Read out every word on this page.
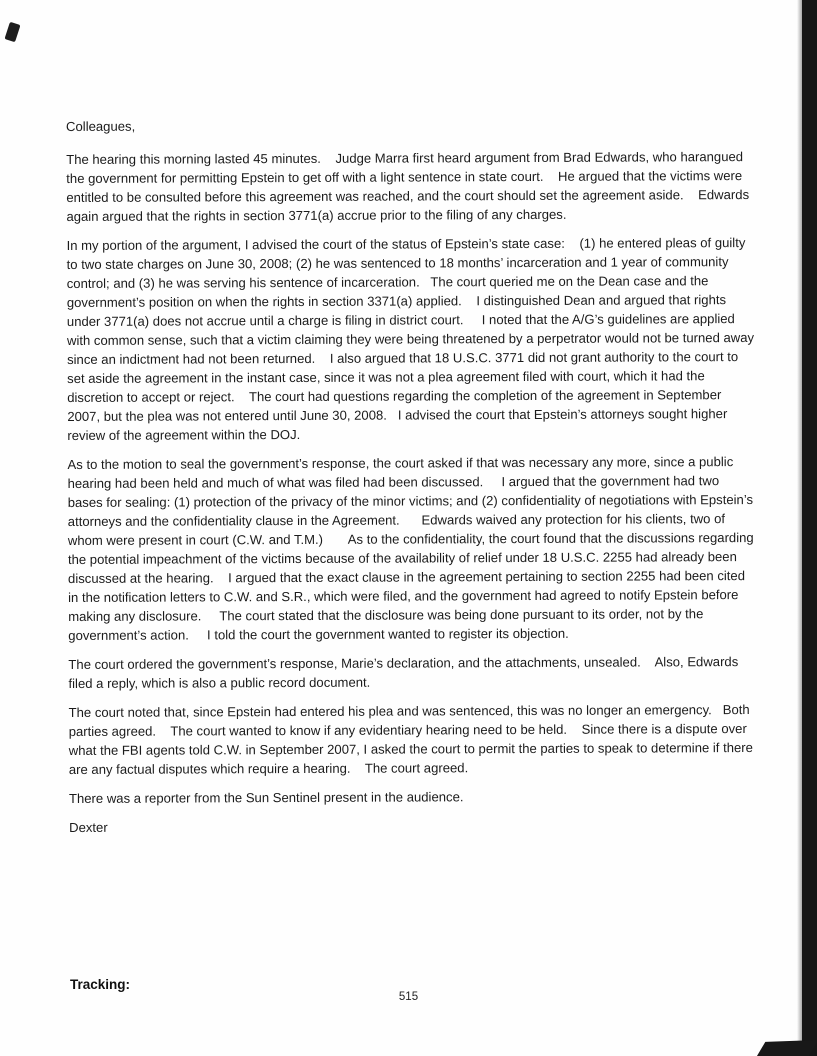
Colleagues,

The hearing this morning lasted 45 minutes.    Judge Marra first heard argument from Brad Edwards, who harangued the government for permitting Epstein to get off with a light sentence in state court.    He argued that the victims were entitled to be consulted before this agreement was reached, and the court should set the agreement aside.    Edwards again argued that the rights in section 3771(a) accrue prior to the filing of any charges.

In my portion of the argument, I advised the court of the status of Epstein’s state case:    (1) he entered pleas of guilty to two state charges on June 30, 2008; (2) he was sentenced to 18 months’ incarceration and 1 year of community control; and (3) he was serving his sentence of incarceration.   The court queried me on the Dean case and the government’s position on when the rights in section 3371(a) applied.    I distinguished Dean and argued that rights under 3771(a) does not accrue until a charge is filing in district court.     I noted that the A/G’s guidelines are applied with common sense, such that a victim claiming they were being threatened by a perpetrator would not be turned away since an indictment had not been returned.    I also argued that 18 U.S.C. 3771 did not grant authority to the court to set aside the agreement in the instant case, since it was not a plea agreement filed with court, which it had the discretion to accept or reject.    The court had questions regarding the completion of the agreement in September 2007, but the plea was not entered until June 30, 2008.   I advised the court that Epstein’s attorneys sought higher review of the agreement within the DOJ.

As to the motion to seal the government’s response, the court asked if that was necessary any more, since a public hearing had been held and much of what was filed had been discussed.     I argued that the government had two bases for sealing: (1) protection of the privacy of the minor victims; and (2) confidentiality of negotiations with Epstein’s attorneys and the confidentiality clause in the Agreement.      Edwards waived any protection for his clients, two of whom were present in court (C.W. and T.M.)       As to the confidentiality, the court found that the discussions regarding the potential impeachment of the victims because of the availability of relief under 18 U.S.C. 2255 had already been discussed at the hearing.    I argued that the exact clause in the agreement pertaining to section 2255 had been cited in the notification letters to C.W. and S.R., which were filed, and the government had agreed to notify Epstein before making any disclosure.     The court stated that the disclosure was being done pursuant to its order, not by the government’s action.     I told the court the government wanted to register its objection.

The court ordered the government’s response, Marie’s declaration, and the attachments, unsealed.    Also, Edwards filed a reply, which is also a public record document.

The court noted that, since Epstein had entered his plea and was sentenced, this was no longer an emergency.   Both parties agreed.    The court wanted to know if any evidentiary hearing need to be held.    Since there is a dispute over what the FBI agents told C.W. in September 2007, I asked the court to permit the parties to speak to determine if there are any factual disputes which require a hearing.    The court agreed.

There was a reporter from the Sun Sentinel present in the audience.

Dexter

Tracking:
515
